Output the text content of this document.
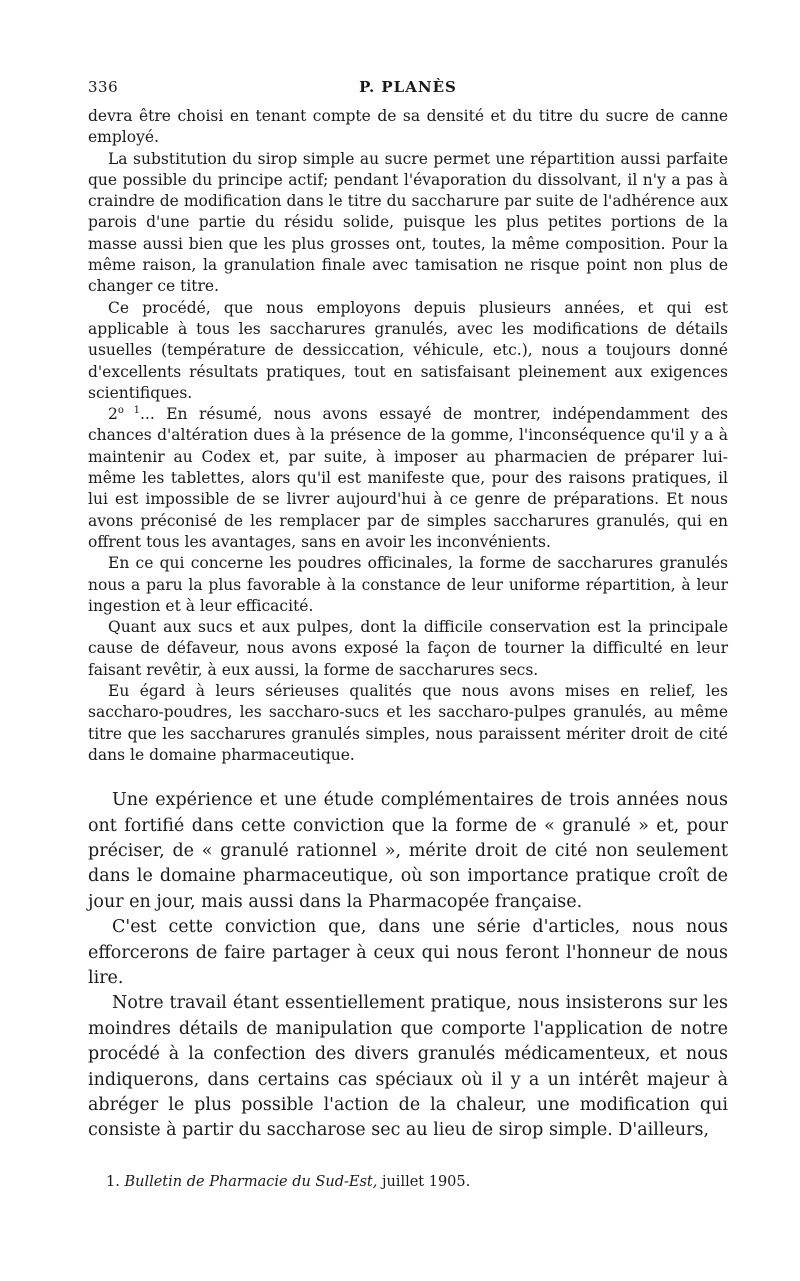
336	P. PLANÈS

devra être choisi en tenant compte de sa densité et du titre du sucre de canne employé.

La substitution du sirop simple au sucre permet une répartition aussi parfaite que possible du principe actif; pendant l'évaporation du dissolvant, il n'y a pas à craindre de modification dans le titre du saccharure par suite de l'adhérence aux parois d'une partie du résidu solide, puisque les plus petites portions de la masse aussi bien que les plus grosses ont, toutes, la même composition. Pour la même raison, la granulation finale avec tamisation ne risque point non plus de changer ce titre.

Ce procédé, que nous employons depuis plusieurs années, et qui est applicable à tous les saccharures granulés, avec les modifications de détails usuelles (température de dessiccation, véhicule, etc.), nous a toujours donné d'excellents résultats pratiques, tout en satisfaisant pleinement aux exigences scientifiques.

$2^{o 1}$... En résumé, nous avons essayé de montrer, indépendamment des chances d'altération dues à la présence de la gomme, l'inconséquence qu'il y a à maintenir au Codex et, par suite, à imposer au pharmacien de préparer lui-même les tablettes, alors qu'il est manifeste que, pour des raisons pratiques, il lui est impossible de se livrer aujourd'hui à ce genre de préparations. Et nous avons préconisé de les remplacer par de simples saccharures granulés, qui en offrent tous les avantages, sans en avoir les inconvénients.

En ce qui concerne les poudres officinales, la forme de saccharures granulés nous a paru la plus favorable à la constance de leur uniforme répartition, à leur ingestion et à leur efficacité.

Quant aux sucs et aux pulpes, dont la difficile conservation est la principale cause de défaveur, nous avons exposé la façon de tourner la difficulté en leur faisant revêtir, à eux aussi, la forme de saccharures secs.

Eu égard à leurs sérieuses qualités que nous avons mises en relief, les saccharo-poudres, les saccharo-sucs et les saccharo-pulpes granulés, au même titre que les saccharures granulés simples, nous paraissent mériter droit de cité dans le domaine pharmaceutique.

Une expérience et une étude complémentaires de trois années nous ont fortifié dans cette conviction que la forme de « granulé » et, pour préciser, de « granulé rationnel », mérite droit de cité non seulement dans le domaine pharmaceutique, où son importance pratique croît de jour en jour, mais aussi dans la Pharmacopée française.

C'est cette conviction que, dans une série d'articles, nous nous efforcerons de faire partager à ceux qui nous feront l'honneur de nous lire.

Notre travail étant essentiellement pratique, nous insisterons sur les moindres détails de manipulation que comporte l'application de notre procédé à la confection des divers granulés médicamenteux, et nous indiquerons, dans certains cas spéciaux où il y a un intérêt majeur à abréger le plus possible l'action de la chaleur, une modification qui consiste à partir du saccharose sec au lieu de sirop simple. D'ailleurs,

1. Bulletin de Pharmacie du Sud-Est, juillet 1905.
